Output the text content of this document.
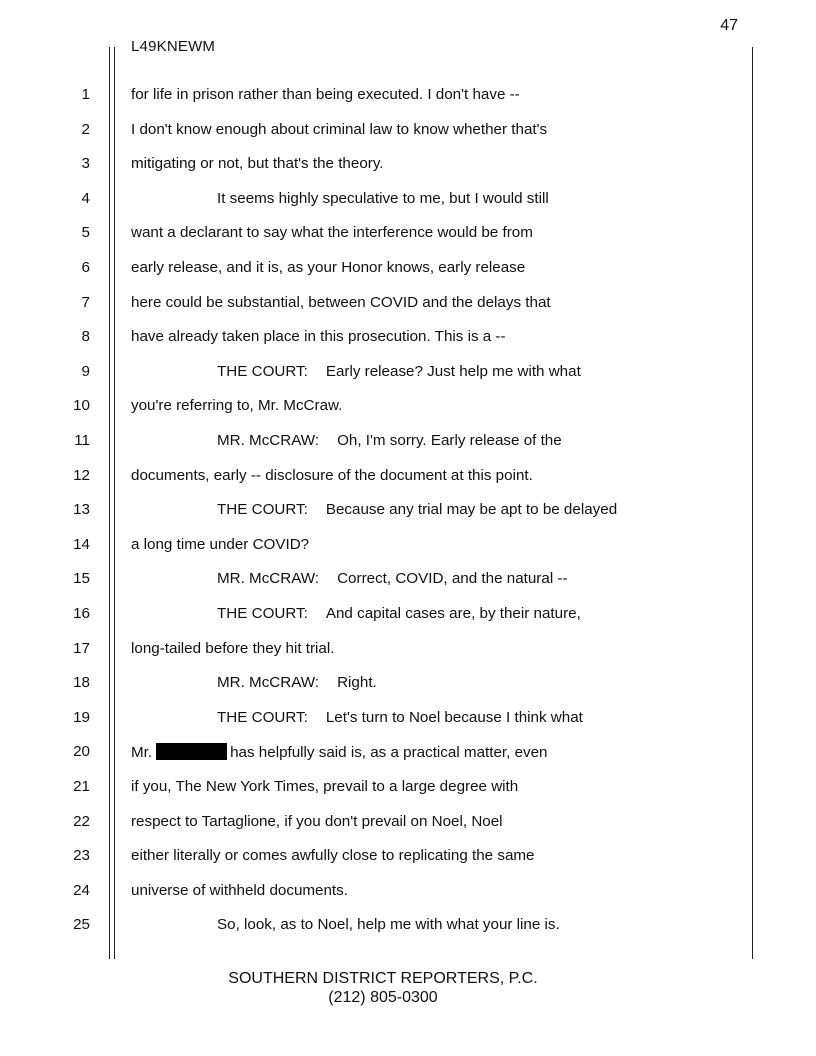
47
L49KNEWM
1	for life in prison rather than being executed. I don't have --
2	I don't know enough about criminal law to know whether that's
3	mitigating or not, but that's the theory.
4	It seems highly speculative to me, but I would still
5	want a declarant to say what the interference would be from
6	early release, and it is, as your Honor knows, early release
7	here could be substantial, between COVID and the delays that
8	have already taken place in this prosecution. This is a --
9	THE COURT: Early release? Just help me with what
10	you're referring to, Mr. McCraw.
11	MR. McCRAW: Oh, I'm sorry. Early release of the
12	documents, early -- disclosure of the document at this point.
13	THE COURT: Because any trial may be apt to be delayed
14	a long time under COVID?
15	MR. McCRAW: Correct, COVID, and the natural --
16	THE COURT: And capital cases are, by their nature,
17	long-tailed before they hit trial.
18	MR. McCRAW: Right.
19	THE COURT: Let's turn to Noel because I think what
20	Mr.	has helpfully said is, as a practical matter, even
21	if you, The New York Times, prevail to a large degree with
22	respect to Tartaglione, if you don't prevail on Noel, Noel
23	either literally or comes awfully close to replicating the same
24	universe of withheld documents.
25	So, look, as to Noel, help me with what your line is.
SOUTHERN DISTRICT REPORTERS, P.C.
(212) 805-0300
